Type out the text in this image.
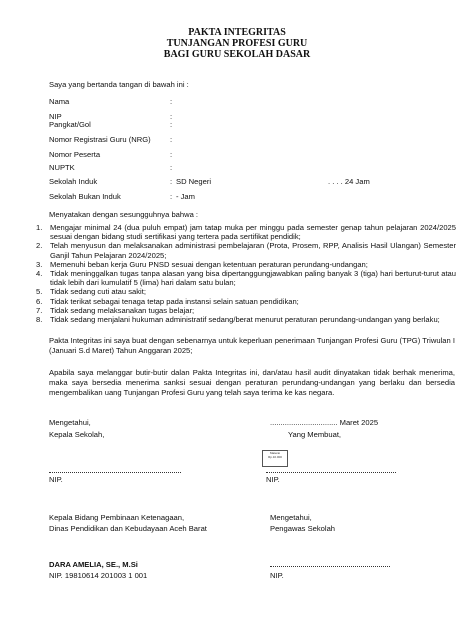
PAKTA INTEGRITAS
TUNJANGAN PROFESI GURU
BAGI GURU SEKOLAH DASAR
Saya yang bertanda tangan di bawah ini :
Nama	:
NIP	:
Pangkat/Gol	:
Nomor Registrasi Guru (NRG)	:
Nomor Peserta	:
NUPTK	:
Sekolah Induk	: SD Negeri	. . . . 24 Jam
Sekolah Bukan Induk	: - Jam
Menyatakan dengan sesungguhnya bahwa :
1. Mengajar minimal 24 (dua puluh empat) jam tatap muka per minggu pada semester genap tahun pelajaran 2024/2025 sesuai dengan bidang studi sertifikasi yang tertera pada sertifikat pendidik;
2. Telah menyusun dan melaksanakan administrasi pembelajaran (Prota, Prosem, RPP, Analisis Hasil Ulangan) Semester Ganjil Tahun Pelajaran 2024/2025;
3. Memenuhi beban kerja Guru PNSD sesuai dengan ketentuan peraturan perundang-undangan;
4. Tidak meninggalkan tugas tanpa alasan yang bisa dipertanggungjawabkan paling banyak 3 (tiga) hari berturut-turut atau tidak lebih dari kumulatif 5 (lima) hari dalam satu bulan;
5. Tidak sedang cuti atau sakit;
6. Tidak terikat sebagai tenaga tetap pada instansi selain satuan pendidikan;
7. Tidak sedang melaksanakan tugas belajar;
8. Tidak sedang menjalani hukuman administratif sedang/berat menurut peraturan perundang-undangan yang berlaku;
Pakta Integritas ini saya buat dengan sebenarnya untuk keperluan penerimaan Tunjangan Profesi Guru (TPG) Triwulan I (Januari S.d Maret) Tahun Anggaran 2025;
Apabila saya melanggar butir-butir dalan Pakta Integritas ini, dan/atau hasil audit dinyatakan tidak berhak menerima, maka saya bersedia menerima sanksi sesuai dengan peraturan perundang-undangan yang berlaku dan bersedia mengembalikan uang Tunjangan Profesi Guru yang telah saya terima ke kas negara.
Mengetahui,
Kepala Sekolah,
................................ Maret 2025
Yang Membuat,
Materai
Rp.10.000
NIP.	NIP.
Kepala Bidang Pembinaan Ketenagaan,
Dinas Pendidikan dan Kebudayaan Aceh Barat
Mengetahui,
Pengawas Sekolah
DARA AMELIA, SE., M.Si
NIP. 19810614 201003 1 001	NIP.
